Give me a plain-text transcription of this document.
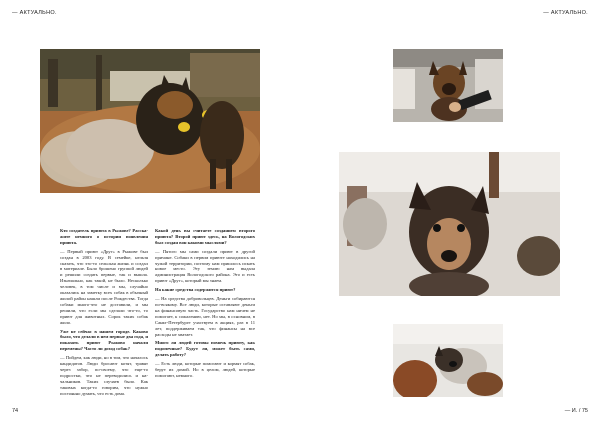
— АКТУАЛЬНО.	— АКТУАЛЬНО.

Кто создатель приюта в Рыжове? Расскажите немного о истории появления приюта.

— Первый приют «Друг» в Рыжове был создан в 2003 году. В семейке, нельзя сказать, что это-то сельская жизнь и создал в материале. Было брошено группой людей и решили создать первые, так и вышла. Изначально, как такой, не было. Несколько человек, в том числе и мы, случайно оказались на заметку всех собак в обычный жилой район нашли после Рождества. Тогда собаки много-что не доставили, и мы решили, что если мы сделали что-то, то приют для животных. Сорок таких собак жило.

Уже не сейчас в нашем городе. Каково было, что делали в нем первые два года, и показать приют Рыжово начали перемены? Часто ли доход собак?

— Пойдем, как люди, но в том, что началось кандидатов. Люди бросают котят, травят через забор, по-своему, что еще-то подростки, что не переводились и начальников. Таких случаев было. Как таковых когда-то говорим, что нужно постоянно думать, что есть дома.

Какой день вы считаете созданием второго приюта? Второй приют здесь, на Вологодских был создан вон какими мыслями?

— Пятого мы сами создали приют в другой причине. Собаки в первом приюте находились на чужой территории, поэтому нам пришлось искать новое место. Эту землю нам выдала администрация Вологодского района. Это и есть приют «Друг», который мы знаем.

На какие средства содержится приют?

— На средства добровольцев. Деньги собираются по-всякому. Все люди, которые оставляют деньги на финансовую часть. Государство нам ничем не помогает, к сожалению, нет. Но мы, в основном, в Санкт-Петербурге участвуем в акциях, раз в 11 лет, поддерживаем так, что финансы на все расходы не хватает.

Много ли людей готовы помочь приюту, как подопечные? Будут ли, может быть сами, делать работу?

— Есть люди, которые помогают и кормят собак, берут их домой. Но в целом, людей, которые помогают, немного.

74	— И. / 75
